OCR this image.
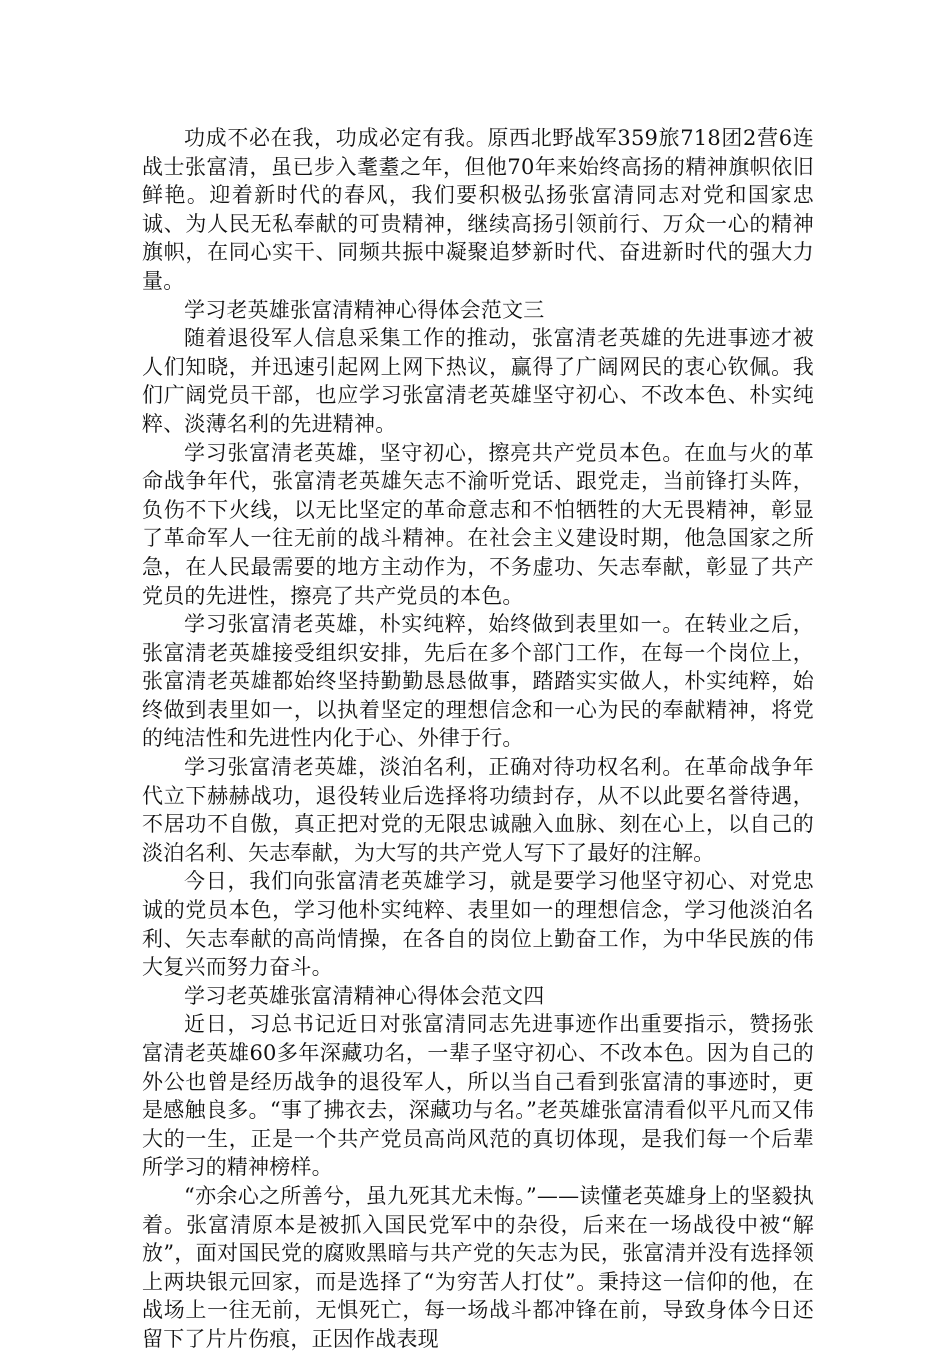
功成不必在我，功成必定有我。原西北野战军359旅718团2营6连战士张富清，虽已步入耄耋之年，但他70年来始终高扬的精神旗帜依旧鲜艳。迎着新时代的春风，我们要积极弘扬张富清同志对党和国家忠诚、为人民无私奉献的可贵精神，继续高扬引领前行、万众一心的精神旗帜，在同心实干、同频共振中凝聚追梦新时代、奋进新时代的强大力量。

学习老英雄张富清精神心得体会范文三

随着退役军人信息采集工作的推动，张富清老英雄的先进事迹才被人们知晓，并迅速引起网上网下热议，赢得了广阔网民的衷心钦佩。我们广阔党员干部，也应学习张富清老英雄坚守初心、不改本色、朴实纯粹、淡薄名利的先进精神。

学习张富清老英雄，坚守初心，擦亮共产党员本色。在血与火的革命战争年代，张富清老英雄矢志不渝听党话、跟党走，当前锋打头阵，负伤不下火线，以无比坚定的革命意志和不怕牺牲的大无畏精神，彰显了革命军人一往无前的战斗精神。在社会主义建设时期，他急国家之所急，在人民最需要的地方主动作为，不务虚功、矢志奉献，彰显了共产党员的先进性，擦亮了共产党员的本色。

学习张富清老英雄，朴实纯粹，始终做到表里如一。在转业之后，张富清老英雄接受组织安排，先后在多个部门工作，在每一个岗位上，张富清老英雄都始终坚持勤勤恳恳做事，踏踏实实做人，朴实纯粹，始终做到表里如一，以执着坚定的理想信念和一心为民的奉献精神，将党的纯洁性和先进性内化于心、外律于行。

学习张富清老英雄，淡泊名利，正确对待功权名利。在革命战争年代立下赫赫战功，退役转业后选择将功绩封存，从不以此要名誉待遇，不居功不自傲，真正把对党的无限忠诚融入血脉、刻在心上，以自己的淡泊名利、矢志奉献，为大写的共产党人写下了最好的注解。

今日，我们向张富清老英雄学习，就是要学习他坚守初心、对党忠诚的党员本色，学习他朴实纯粹、表里如一的理想信念，学习他淡泊名利、矢志奉献的高尚情操，在各自的岗位上勤奋工作，为中华民族的伟大复兴而努力奋斗。

学习老英雄张富清精神心得体会范文四

近日，习总书记近日对张富清同志先进事迹作出重要指示，赞扬张富清老英雄60多年深藏功名，一辈子坚守初心、不改本色。因为自己的外公也曾是经历战争的退役军人，所以当自己看到张富清的事迹时，更是感触良多。“事了拂衣去，深藏功与名。”老英雄张富清看似平凡而又伟大的一生，正是一个共产党员高尚风范的真切体现，是我们每一个后辈所学习的精神榜样。

“亦余心之所善兮，虽九死其尤未悔。”——读懂老英雄身上的坚毅执着。张富清原本是被抓入国民党军中的杂役，后来在一场战役中被“解放”，面对国民党的腐败黑暗与共产党的矢志为民，张富清并没有选择领上两块银元回家，而是选择了“为穷苦人打仗”。秉持这一信仰的他，在战场上一往无前，无惧死亡，每一场战斗都冲锋在前，导致身体今日还留下了片片伤痕，正因作战表现
